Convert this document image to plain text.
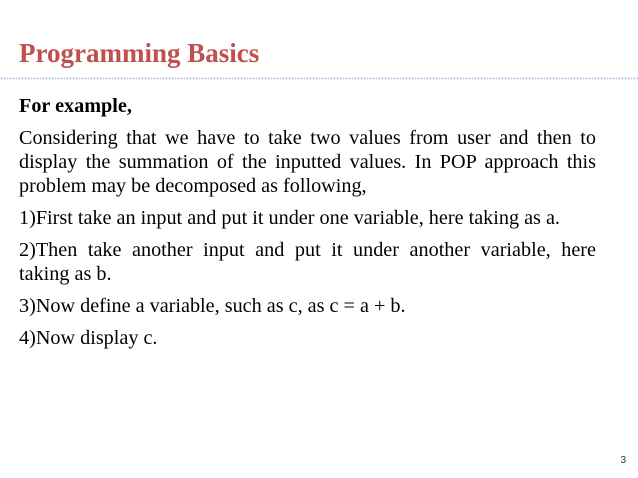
Programming Basics

For example,

Considering that we have to take two values from user and then to display the summation of the inputted values. In POP approach this problem may be decomposed as following,

1)First take an input and put it under one variable, here taking as a.

2)Then take another input and put it under another variable, here taking as b.

3)Now define a variable, such as c, as c = a + b.

4)Now display c.

3
